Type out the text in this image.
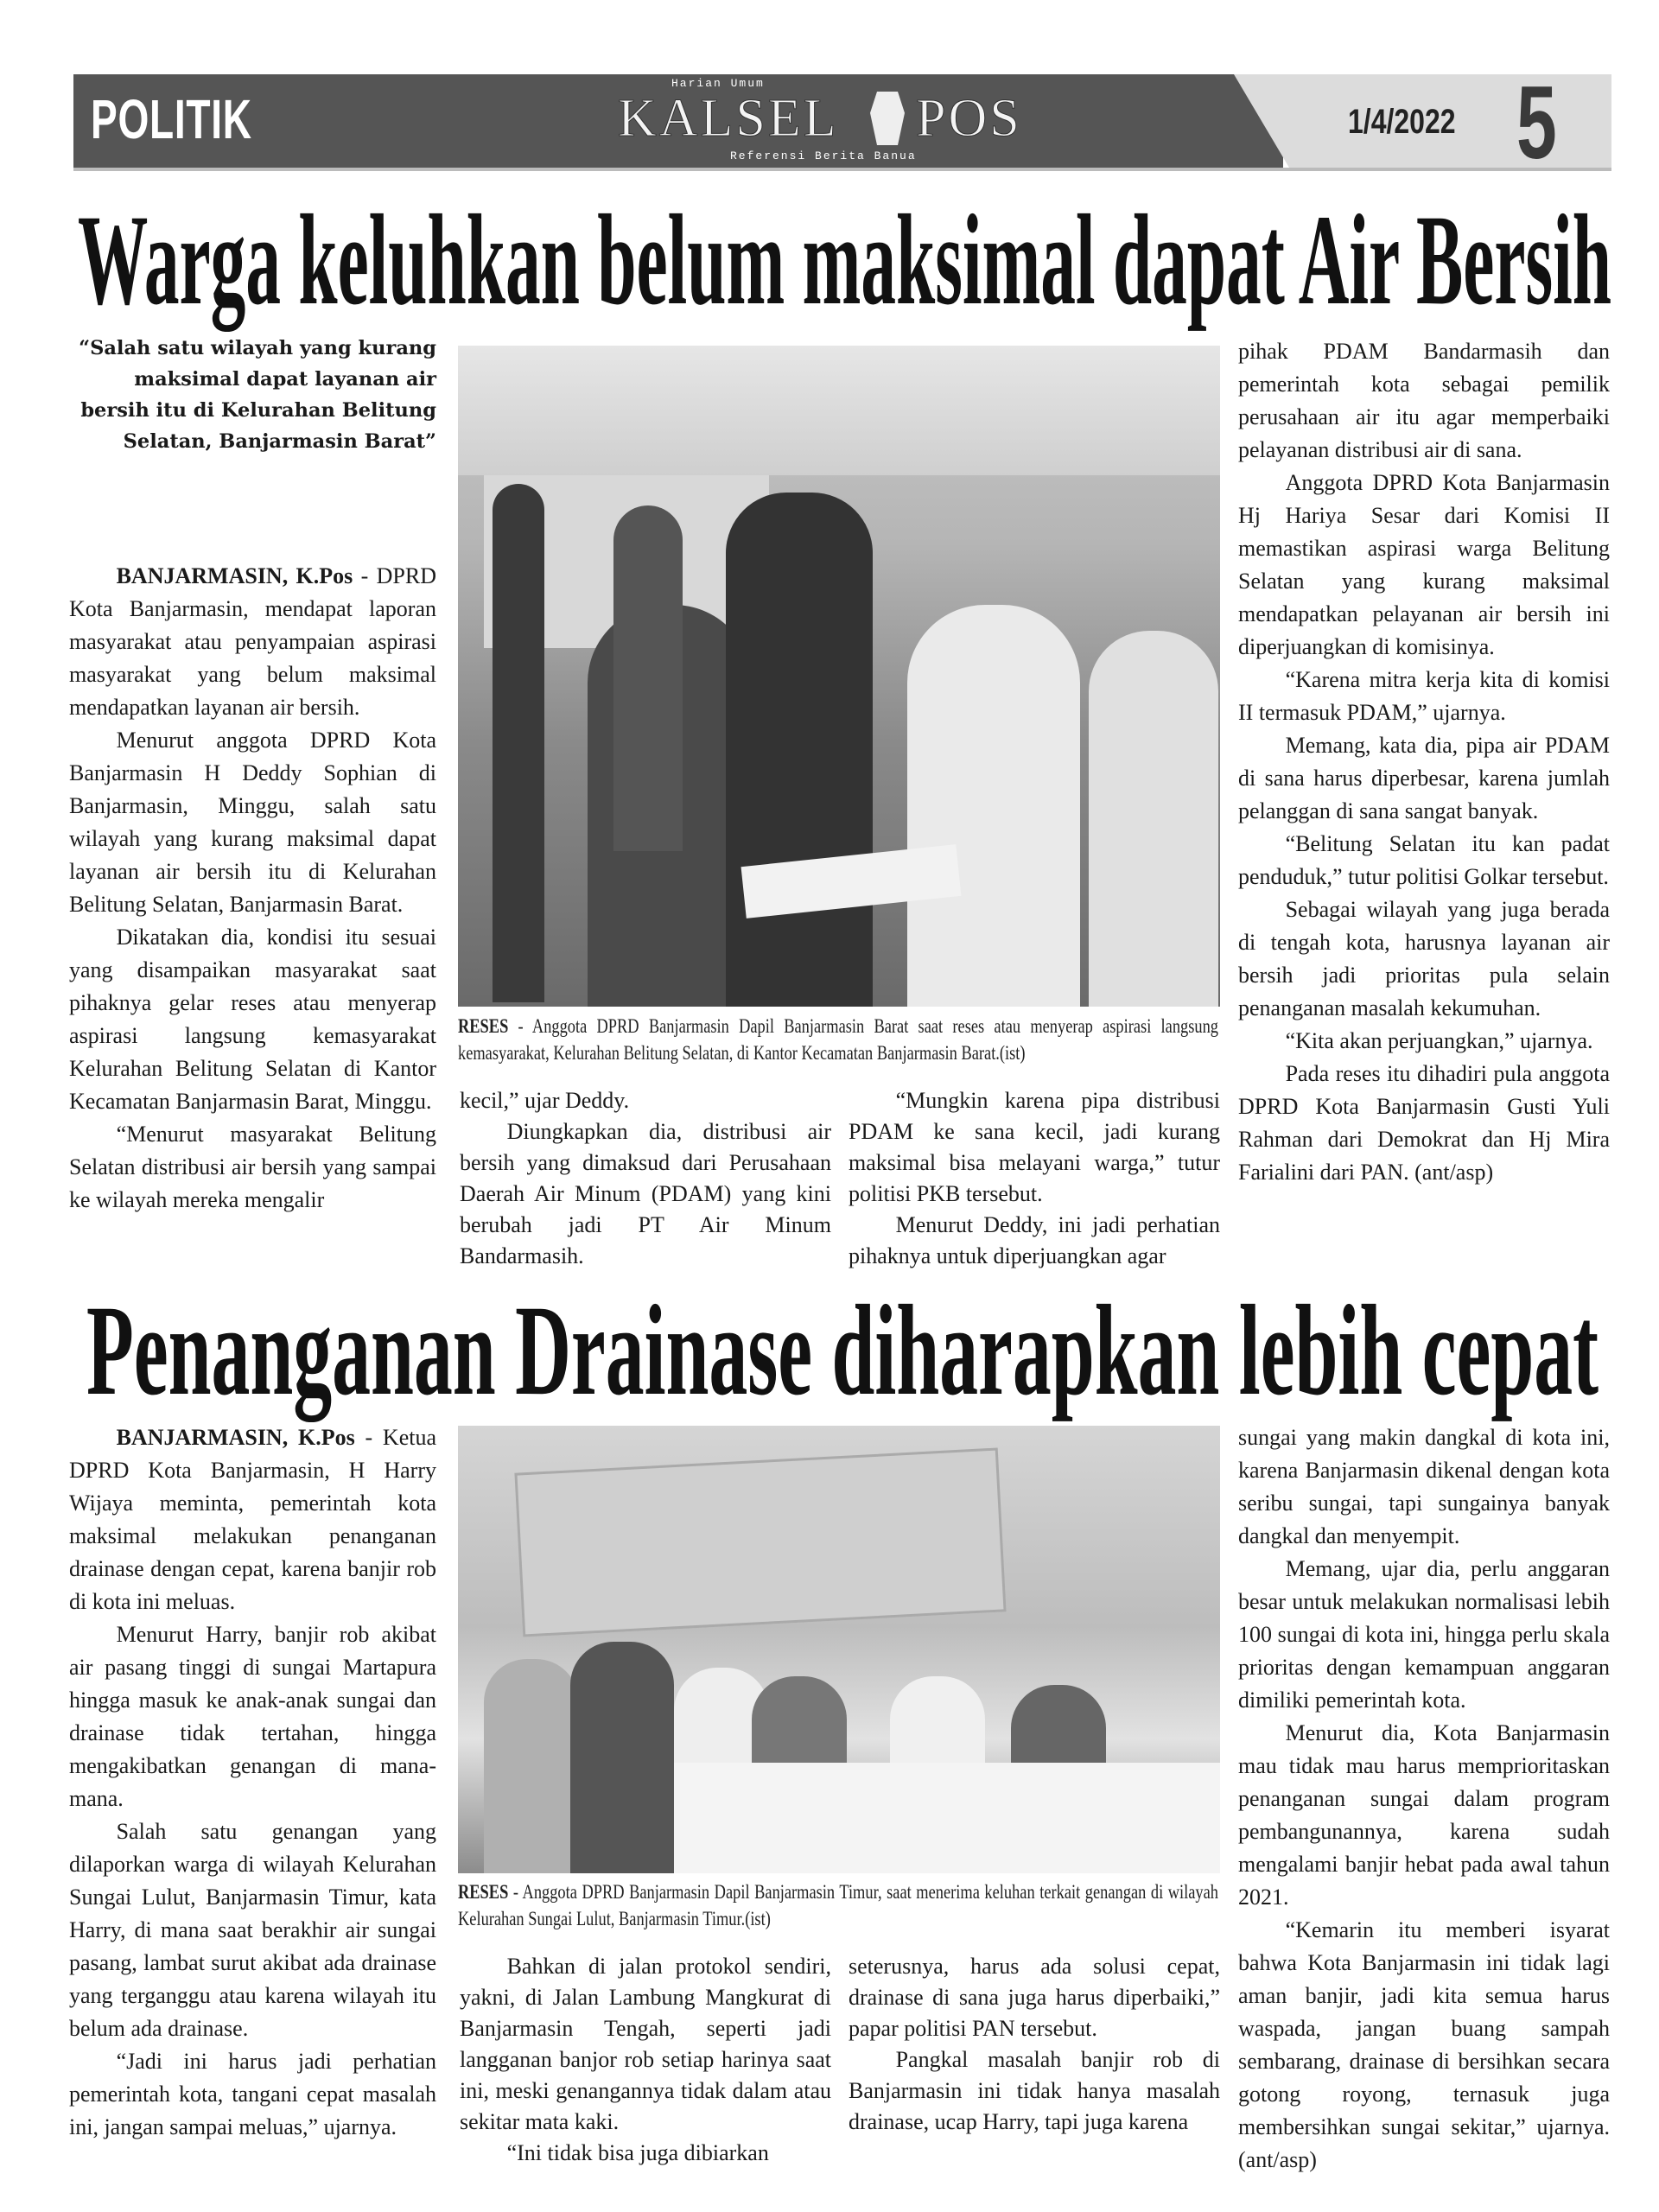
POLITIK
Harian Umum
KALSEL POS
Referensi Berita Banua
1/4/2022 5
Warga keluhkan belum maksimal dapat Air Bersih
“Salah satu wilayah yang kurang maksimal dapat layanan air bersih itu di Kelurahan Belitung Selatan, Banjarmasin Barat”

BANJARMASIN, K.Pos - DPRD Kota Banjarmasin, mendapat laporan masyarakat atau penyampaian aspirasi masyarakat yang belum maksimal mendapatkan layanan air bersih.

Menurut anggota DPRD Kota Banjarmasin H Deddy Sophian di Banjarmasin, Minggu, salah satu wilayah yang kurang maksimal dapat layanan air bersih itu di Kelurahan Belitung Selatan, Banjarmasin Barat.

Dikatakan dia, kondisi itu sesuai yang disampaikan masyarakat saat pihaknya gelar reses atau menyerap aspirasi langsung kemasyarakat Kelurahan Belitung Selatan di Kantor Kecamatan Banjarmasin Barat, Minggu.

“Menurut masyarakat Belitung Selatan distribusi air bersih yang sampai ke wilayah mereka mengalir

RESES - Anggota DPRD Banjarmasin Dapil Banjarmasin Barat saat reses atau menyerap aspirasi langsung kemasyarakat, Kelurahan Belitung Selatan, di Kantor Kecamatan Banjarmasin Barat.(ist)

kecil,” ujar Deddy.

Diungkapkan dia, distribusi air bersih yang dimaksud dari Perusahaan Daerah Air Minum (PDAM) yang kini berubah jadi PT Air Minum Bandarmasih.

“Mungkin karena pipa distribusi PDAM ke sana kecil, jadi kurang maksimal bisa melayani warga,” tutur politisi PKB tersebut.

Menurut Deddy, ini jadi perhatian pihaknya untuk diperjuangkan agar

pihak PDAM Bandarmasih dan pemerintah kota sebagai pemilik perusahaan air itu agar memperbaiki pelayanan distribusi air di sana.

Anggota DPRD Kota Banjarmasin Hj Hariya Sesar dari Komisi II memastikan aspirasi warga Belitung Selatan yang kurang maksimal mendapatkan pelayanan air bersih ini diperjuangkan di komisinya.

“Karena mitra kerja kita di komisi II termasuk PDAM,” ujarnya.

Memang, kata dia, pipa air PDAM di sana harus diperbesar, karena jumlah pelanggan di sana sangat banyak.

“Belitung Selatan itu kan padat penduduk,” tutur politisi Golkar tersebut.

Sebagai wilayah yang juga berada di tengah kota, harusnya layanan air bersih jadi prioritas pula selain penanganan masalah kekumuhan.

“Kita akan perjuangkan,” ujarnya.

Pada reses itu dihadiri pula anggota DPRD Kota Banjarmasin Gusti Yuli Rahman dari Demokrat dan Hj Mira Farialini dari PAN. (ant/asp)

Penanganan Drainase diharapkan lebih cepat

BANJARMASIN, K.Pos - Ketua DPRD Kota Banjarmasin, H Harry Wijaya meminta, pemerintah kota maksimal melakukan penanganan drainase dengan cepat, karena banjir rob di kota ini meluas.

Menurut Harry, banjir rob akibat air pasang tinggi di sungai Martapura hingga masuk ke anak-anak sungai dan drainase tidak tertahan, hingga mengakibatkan genangan di mana-mana.

Salah satu genangan yang dilaporkan warga di wilayah Kelurahan Sungai Lulut, Banjarmasin Timur, kata Harry, di mana saat berakhir air sungai pasang, lambat surut akibat ada drainase yang terganggu atau karena wilayah itu belum ada drainase.

“Jadi ini harus jadi perhatian pemerintah kota, tangani cepat masalah ini, jangan sampai meluas,” ujarnya.

RESES - Anggota DPRD Banjarmasin Dapil Banjarmasin Timur, saat menerima keluhan terkait genangan di wilayah Kelurahan Sungai Lulut, Banjarmasin Timur.(ist)

Bahkan di jalan protokol sendiri, yakni, di Jalan Lambung Mangkurat di Banjarmasin Tengah, seperti jadi langganan banjor rob setiap harinya saat ini, meski genangannya tidak dalam atau sekitar mata kaki.

“Ini tidak bisa juga dibiarkan

seterusnya, harus ada solusi cepat, drainase di sana juga harus diperbaiki,” papar politisi PAN tersebut.

Pangkal masalah banjir rob di Banjarmasin ini tidak hanya masalah drainase, ucap Harry, tapi juga karena

sungai yang makin dangkal di kota ini, karena Banjarmasin dikenal dengan kota seribu sungai, tapi sungainya banyak dangkal dan menyempit.

Memang, ujar dia, perlu anggaran besar untuk melakukan normalisasi lebih 100 sungai di kota ini, hingga perlu skala prioritas dengan kemampuan anggaran dimiliki pemerintah kota.

Menurut dia, Kota Banjarmasin mau tidak mau harus memprioritaskan penanganan sungai dalam program pembangunannya, karena sudah mengalami banjir hebat pada awal tahun 2021.

“Kemarin itu memberi isyarat bahwa Kota Banjarmasin ini tidak lagi aman banjir, jadi kita semua harus waspada, jangan buang sampah sembarang, drainase di bersihkan secara gotong royong, ternasuk juga membersihkan sungai sekitar,” ujarnya.(ant/asp)
